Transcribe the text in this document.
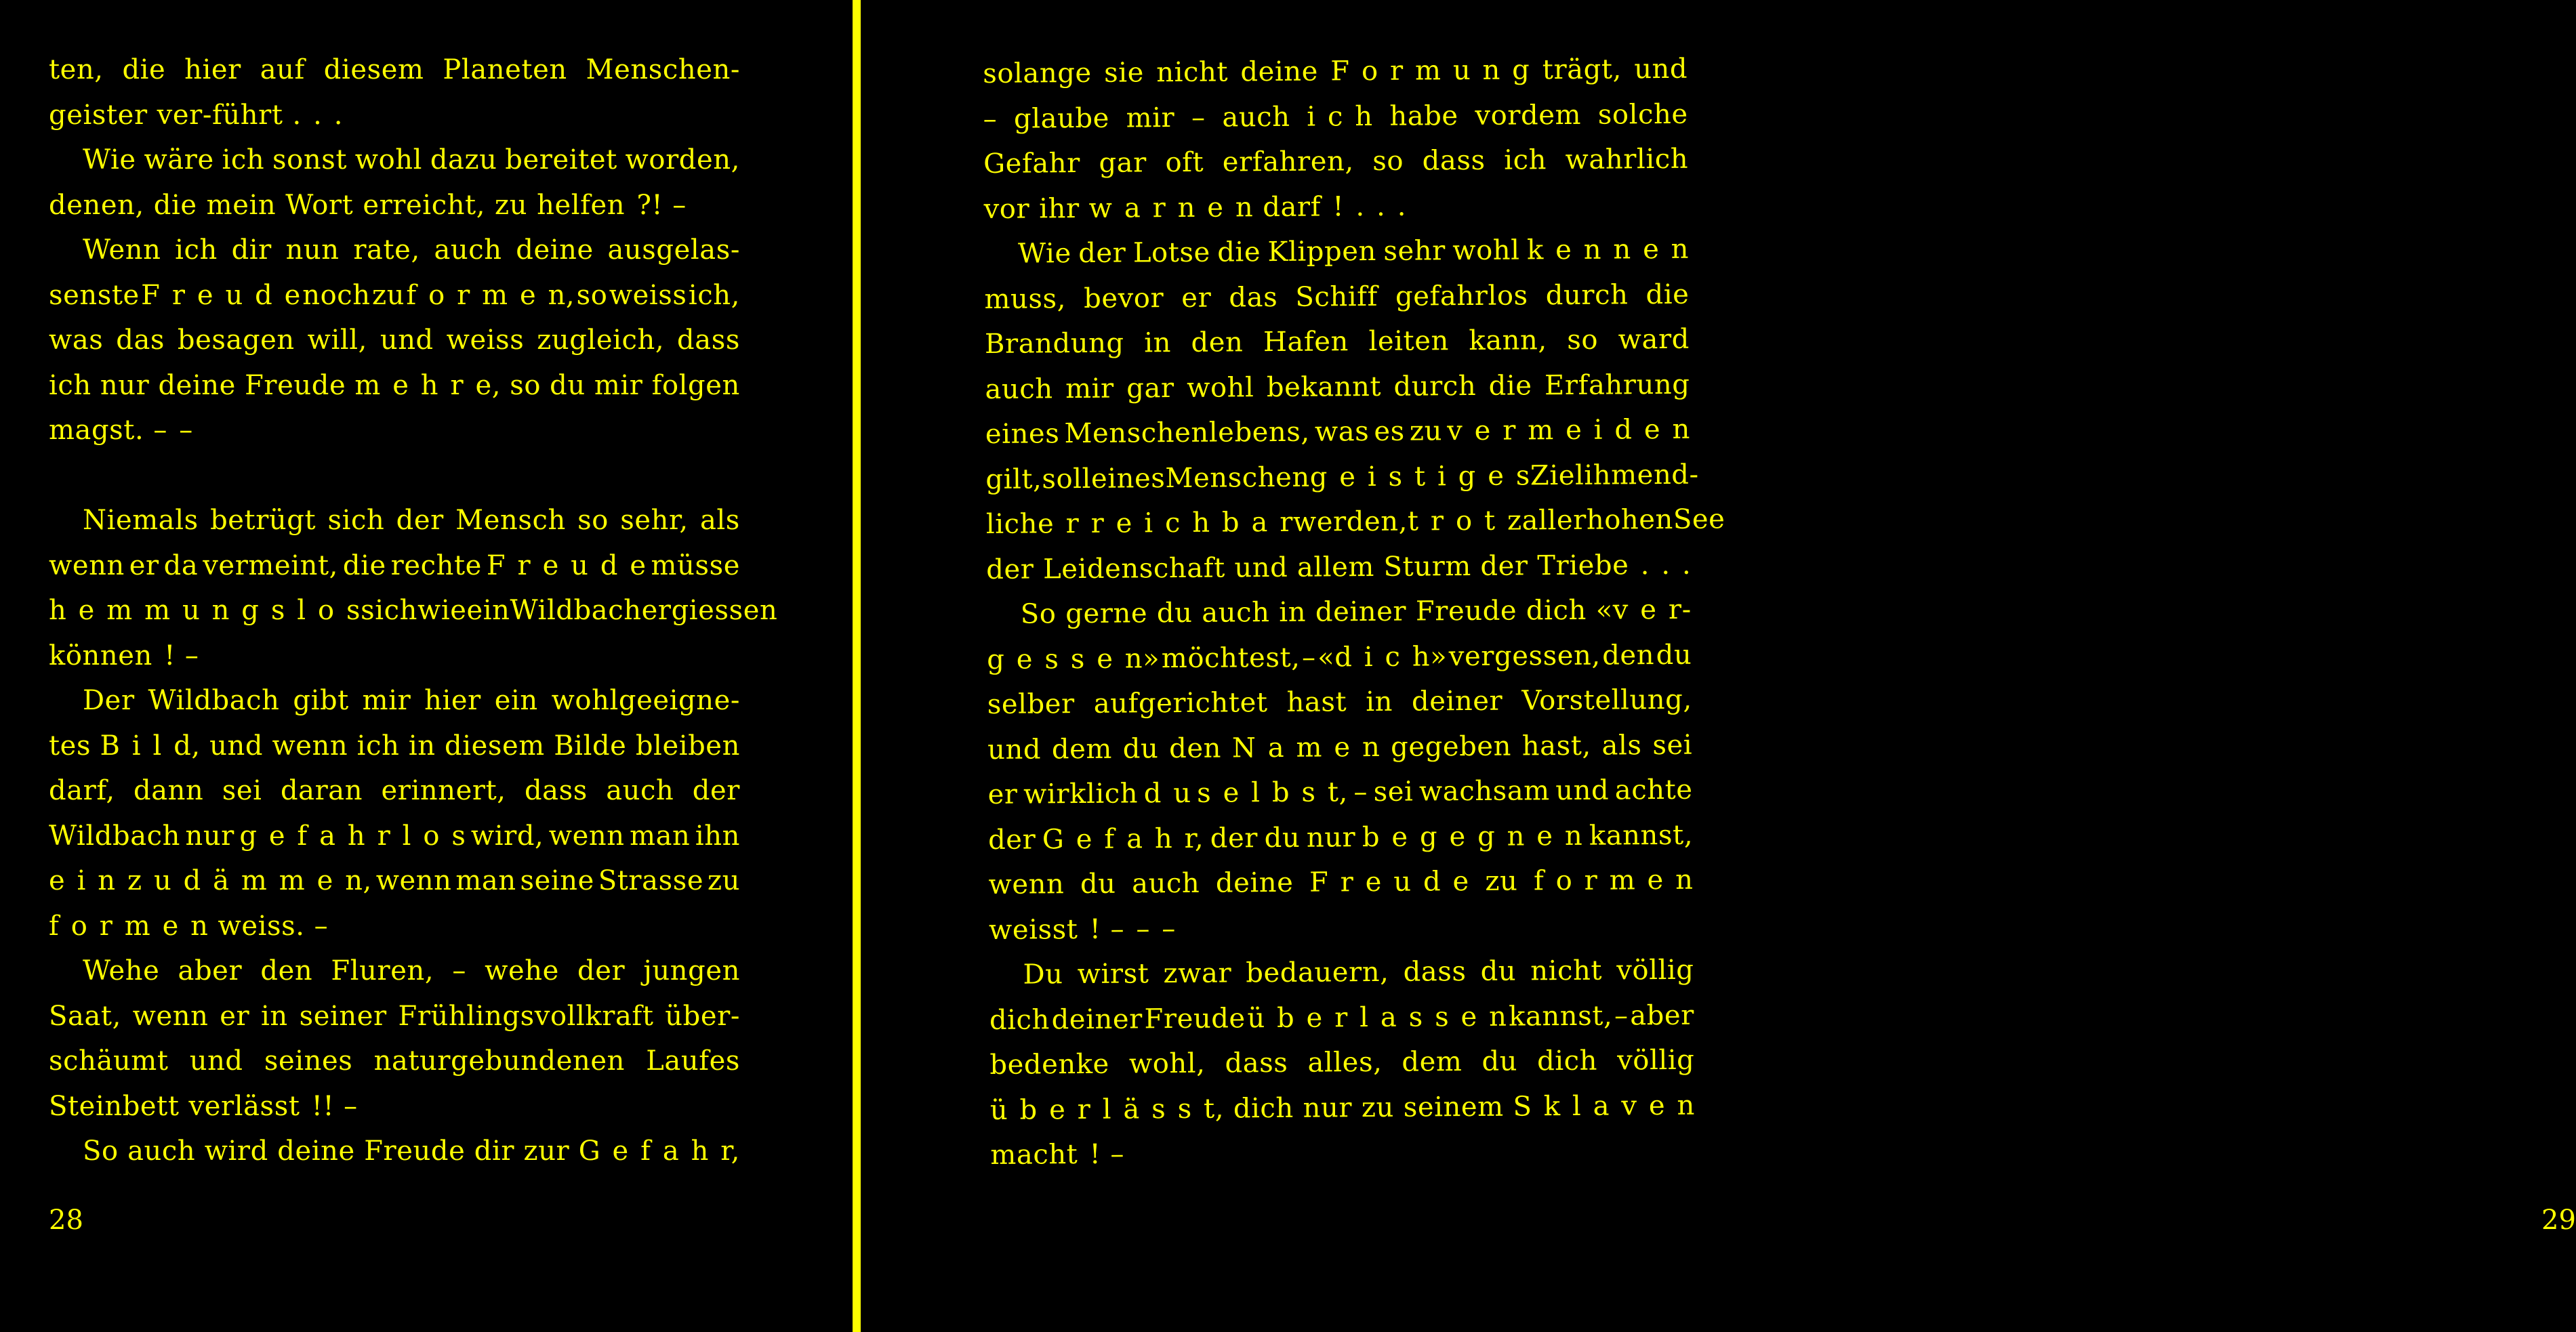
ten, die hier auf diesem Planeten Menschen-
geister ver-führt . . .
Wie wäre ich sonst wohl dazu bereitet worden,
denen, die mein Wort erreicht, zu helfen ?! –
Wenn ich dir nun rate, auch deine ausgelas-
senste F r e u d e noch zu f o r m e n, so weiss ich,
was das besagen will, und weiss zugleich, dass
ich nur deine Freude m e h r e, so du mir folgen
magst. – –
Niemals betrügt sich der Mensch so sehr, als
wenn er da vermeint, die rechte F r e u d e müsse
h e m m u n g s l o s sich wie ein Wildbach ergiessen
können ! –
Der Wildbach gibt mir hier ein wohlgeeigne-
tes B i l d, und wenn ich in diesem Bilde bleiben
darf, dann sei daran erinnert, dass auch der
Wildbach nur g e f a h r l o s wird, wenn man ihn
e i n z u d ä m m e n, wenn man seine Strasse zu
f o r m e n weiss. –
Wehe aber den Fluren, – wehe der jungen
Saat, wenn er in seiner Frühlingsvollkraft über-
schäumt und seines naturgebundenen Laufes
Steinbett verlässt !! –
So auch wird deine Freude dir zur G e f a h r,
28
solange sie nicht deine F o r m u n g trägt, und
– glaube mir – auch i c h habe vordem solche
Gefahr gar oft erfahren, so dass ich wahrlich
vor ihr w a r n e n darf ! . . .
Wie der Lotse die Klippen sehr wohl k e n n e n
muss, bevor er das Schiff gefahrlos durch die
Brandung in den Hafen leiten kann, so ward
auch mir gar wohl bekannt durch die Erfahrung
eines Menschenlebens, was es zu v e r m e i d e n
gilt, soll eines Menschen g e i s t i g e s Ziel ihm end-
lich e r r e i c h b a r werden, t r o t z aller hohen See
der Leidenschaft und allem Sturm der Triebe . . .
So gerne du auch in deiner Freude dich «v e r-
g e s s e n» möchtest, – «d i c h» vergessen, den du
selber aufgerichtet hast in deiner Vorstellung,
und dem du den N a m e n gegeben hast, als sei
er wirklich d u s e l b s t, – sei wachsam und achte
der G e f a h r, der du nur b e g e g n e n kannst,
wenn du auch deine F r e u d e zu f o r m e n
weisst ! – – –
Du wirst zwar bedauern, dass du nicht völlig
dich deiner Freude ü b e r l a s s e n kannst, – aber
bedenke wohl, dass alles, dem du dich völlig
ü b e r l ä s s t, dich nur zu seinem S k l a v e n
macht ! –
29
